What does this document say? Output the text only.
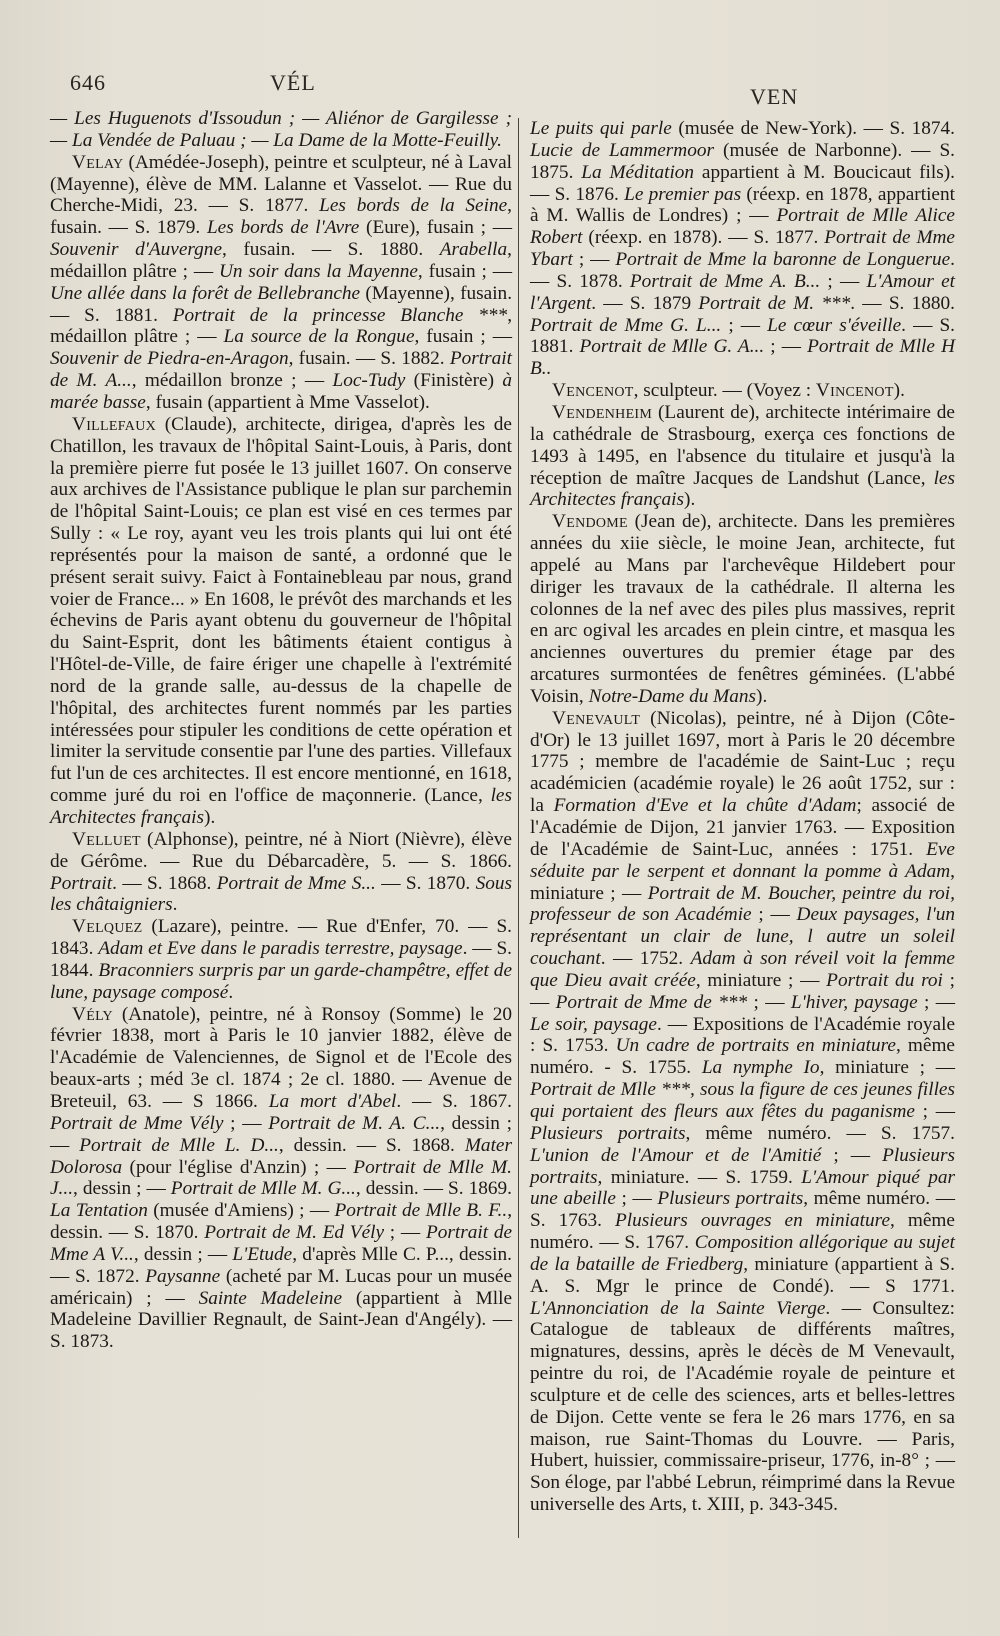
646	VÉL
VEN

— Les Huguenots d'Issoudun ; — Aliénor de Gargilesse ; — La Vendée de Paluau ; — La Dame de la Motte-Feuilly.

Velay (Amédée-Joseph), peintre et sculpteur, né à Laval (Mayenne), élève de MM. Lalanne et Vasselot. — Rue du Cherche-Midi, 23. — S. 1877. Les bords de la Seine, fusain. — S. 1879. Les bords de l'Avre (Eure), fusain ; — Souvenir d'Auvergne, fusain. — S. 1880. Arabella, médaillon plâtre ; — Un soir dans la Mayenne, fusain ; — Une allée dans la forêt de Bellebranche (Mayenne), fusain. — S. 1881. Portrait de la princesse Blanche ***, médaillon plâtre ; — La source de la Rongue, fusain ; — Souvenir de Piedra-en-Aragon, fusain. — S. 1882. Portrait de M. A..., médaillon bronze ; — Loc-Tudy (Finistère) à marée basse, fusain (appartient à Mme Vasselot).

Villefaux (Claude), architecte, dirigea, d'après les de Chatillon, les travaux de l'hôpital Saint-Louis, à Paris, dont la première pierre fut posée le 13 juillet 1607. On conserve aux archives de l'Assistance publique le plan sur parchemin de l'hôpital Saint-Louis; ce plan est visé en ces termes par Sully : « Le roy, ayant veu les trois plants qui lui ont été représentés pour la maison de santé, a ordonné que le présent serait suivy. Faict à Fontainebleau par nous, grand voier de France... » En 1608, le prévôt des marchands et les échevins de Paris ayant obtenu du gouverneur de l'hôpital du Saint-Esprit, dont les bâtiments étaient contigus à l'Hôtel-de-Ville, de faire ériger une chapelle à l'extrémité nord de la grande salle, au-dessus de la chapelle de l'hôpital, des architectes furent nommés par les parties intéressées pour stipuler les conditions de cette opération et limiter la servitude consentie par l'une des parties. Villefaux fut l'un de ces architectes. Il est encore mentionné, en 1618, comme juré du roi en l'office de maçonnerie. (Lance, les Architectes français).

Velluet (Alphonse), peintre, né à Niort (Nièvre), élève de Gérôme. — Rue du Débarcadère, 5. — S. 1866. Portrait. — S. 1868. Portrait de Mme S... — S. 1870. Sous les châtaigniers.

Velquez (Lazare), peintre. — Rue d'Enfer, 70. — S. 1843. Adam et Eve dans le paradis terrestre, paysage. — S. 1844. Braconniers surpris par un garde-champêtre, effet de lune, paysage composé.

Vély (Anatole), peintre, né à Ronsoy (Somme) le 20 février 1838, mort à Paris le 10 janvier 1882, élève de l'Académie de Valenciennes, de Signol et de l'Ecole des beaux-arts ; méd 3e cl. 1874 ; 2e cl. 1880. — Avenue de Breteuil, 63. — S 1866. La mort d'Abel. — S. 1867. Portrait de Mme Vély ; — Portrait de M. A. C..., dessin ; — Portrait de Mlle L. D..., dessin. — S. 1868. Mater Dolorosa (pour l'église d'Anzin) ; — Portrait de Mlle M. J..., dessin ; — Portrait de Mlle M. G..., dessin. — S. 1869. La Tentation (musée d'Amiens) ; — Portrait de Mlle B. F.., dessin. — S. 1870. Portrait de M. Ed Vély ; — Portrait de Mme A V..., dessin ; — L'Etude, d'après Mlle C. P..., dessin. — S. 1872. Paysanne (acheté par M. Lucas pour un musée américain) ; — Sainte Madeleine (appartient à Mlle Madeleine Davillier Regnault, de Saint-Jean d'Angély). — S. 1873.

Le puits qui parle (musée de New-York). — S. 1874. Lucie de Lammermoor (musée de Narbonne). — S. 1875. La Méditation appartient à M. Boucicaut fils). — S. 1876. Le premier pas (réexp. en 1878, appartient à M. Wallis de Londres) ; — Portrait de Mlle Alice Robert (réexp. en 1878). — S. 1877. Portrait de Mme Ybart ; — Portrait de Mme la baronne de Longuerue. — S. 1878. Portrait de Mme A. B... ; — L'Amour et l'Argent. — S. 1879 Portrait de M. ***. — S. 1880. Portrait de Mme G. L... ; — Le cœur s'éveille. — S. 1881. Portrait de Mlle G. A... ; — Portrait de Mlle H B..

Vencenot, sculpteur. — (Voyez : Vincenot).

Vendenheim (Laurent de), architecte intérimaire de la cathédrale de Strasbourg, exerça ces fonctions de 1493 à 1495, en l'absence du titulaire et jusqu'à la réception de maître Jacques de Landshut (Lance, les Architectes français).

Vendome (Jean de), architecte. Dans les premières années du xiie siècle, le moine Jean, architecte, fut appelé au Mans par l'archevêque Hildebert pour diriger les travaux de la cathédrale. Il alterna les colonnes de la nef avec des piles plus massives, reprit en arc ogival les arcades en plein cintre, et masqua les anciennes ouvertures du premier étage par des arcatures surmontées de fenêtres géminées. (L'abbé Voisin, Notre-Dame du Mans).

Venevault (Nicolas), peintre, né à Dijon (Côte-d'Or) le 13 juillet 1697, mort à Paris le 20 décembre 1775 ; membre de l'académie de Saint-Luc ; reçu académicien (académie royale) le 26 août 1752, sur : la Formation d'Eve et la chûte d'Adam; associé de l'Académie de Dijon, 21 janvier 1763. — Exposition de l'Académie de Saint-Luc, années : 1751. Eve séduite par le serpent et donnant la pomme à Adam, miniature ; — Portrait de M. Boucher, peintre du roi, professeur de son Académie ; — Deux paysages, l'un représentant un clair de lune, l autre un soleil couchant. — 1752. Adam à son réveil voit la femme que Dieu avait créée, miniature ; — Portrait du roi ; — Portrait de Mme de *** ; — L'hiver, paysage ; — Le soir, paysage. — Expositions de l'Académie royale : S. 1753. Un cadre de portraits en miniature, même numéro. - S. 1755. La nymphe Io, miniature ; — Portrait de Mlle ***, sous la figure de ces jeunes filles qui portaient des fleurs aux fêtes du paganisme ; — Plusieurs portraits, même numéro. — S. 1757. L'union de l'Amour et de l'Amitié ; — Plusieurs portraits, miniature. — S. 1759. L'Amour piqué par une abeille ; — Plusieurs portraits, même numéro. — S. 1763. Plusieurs ouvrages en miniature, même numéro. — S. 1767. Composition allégorique au sujet de la bataille de Friedberg, miniature (appartient à S. A. S. Mgr le prince de Condé). — S 1771. L'Annonciation de la Sainte Vierge. — Consultez: Catalogue de tableaux de différents maîtres, mignatures, dessins, après le décès de M Venevault, peintre du roi, de l'Académie royale de peinture et sculpture et de celle des sciences, arts et belles-lettres de Dijon. Cette vente se fera le 26 mars 1776, en sa maison, rue Saint-Thomas du Louvre. — Paris, Hubert, huissier, commissaire-priseur, 1776, in-8° ; — Son éloge, par l'abbé Lebrun, réimprimé dans la Revue universelle des Arts, t. XIII, p. 343-345.
